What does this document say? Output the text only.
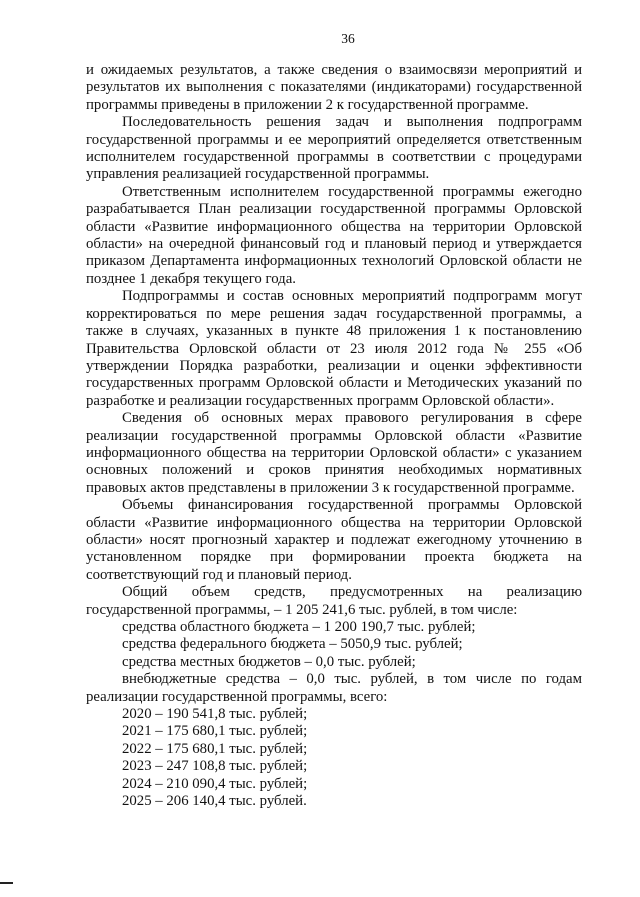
36

и ожидаемых результатов, а также сведения о взаимосвязи мероприятий и результатов их выполнения с показателями (индикаторами) государственной программы приведены в приложении 2 к государственной программе.

Последовательность решения задач и выполнения подпрограмм государственной программы и ее мероприятий определяется ответственным исполнителем государственной программы в соответствии с процедурами управления реализацией государственной программы.

Ответственным исполнителем государственной программы ежегодно разрабатывается План реализации государственной программы Орловской области «Развитие информационного общества на территории Орловской области» на очередной финансовый год и плановый период и утверждается приказом Департамента информационных технологий Орловской области не позднее 1 декабря текущего года.

Подпрограммы и состав основных мероприятий подпрограмм могут корректироваться по мере решения задач государственной программы, а также в случаях, указанных в пункте 48 приложения 1 к постановлению Правительства Орловской области от 23 июля 2012 года № 255 «Об утверждении Порядка разработки, реализации и оценки эффективности государственных программ Орловской области и Методических указаний по разработке и реализации государственных программ Орловской области».

Сведения об основных мерах правового регулирования в сфере реализации государственной программы Орловской области «Развитие информационного общества на территории Орловской области» с указанием основных положений и сроков принятия необходимых нормативных правовых актов представлены в приложении 3 к государственной программе.

Объемы финансирования государственной программы Орловской области «Развитие информационного общества на территории Орловской области» носят прогнозный характер и подлежат ежегодному уточнению в установленном порядке при формировании проекта бюджета на соответствующий год и плановый период.

Общий объем средств, предусмотренных на реализацию государственной программы, – 1 205 241,6 тыс. рублей, в том числе:

средства областного бюджета – 1 200 190,7 тыс. рублей;

средства федерального бюджета – 5050,9 тыс. рублей;

средства местных бюджетов – 0,0 тыс. рублей;

внебюджетные средства – 0,0 тыс. рублей, в том числе по годам реализации государственной программы, всего:

2020 – 190 541,8 тыс. рублей;

2021 – 175 680,1 тыс. рублей;

2022 – 175 680,1 тыс. рублей;

2023 – 247 108,8 тыс. рублей;

2024 – 210 090,4 тыс. рублей;

2025 – 206 140,4 тыс. рублей.
